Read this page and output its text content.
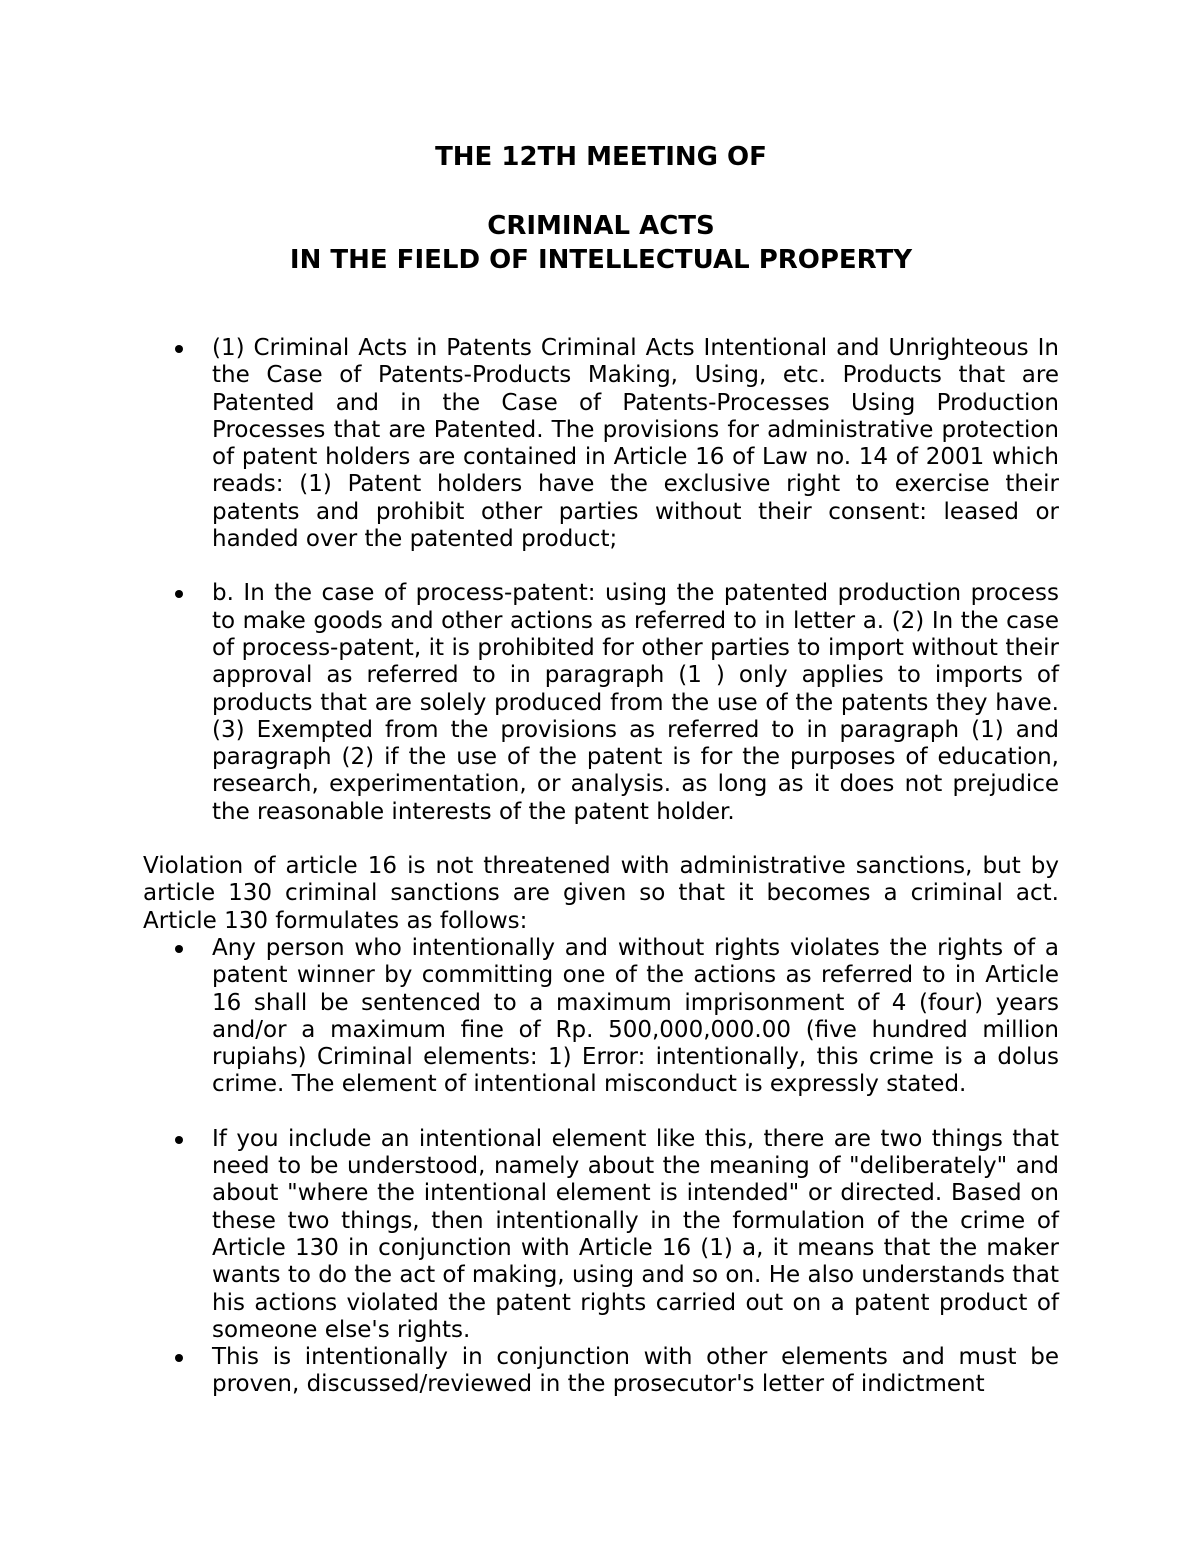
THE 12TH MEETING OF
CRIMINAL ACTS
IN THE FIELD OF INTELLECTUAL PROPERTY
(1) Criminal Acts in Patents Criminal Acts Intentional and Unrighteous In the Case of Patents-Products Making, Using, etc. Products that are Patented and in the Case of Patents-Processes Using Production Processes that are Patented. The provisions for administrative protection of patent holders are contained in Article 16 of Law no. 14 of 2001 which reads: (1) Patent holders have the exclusive right to exercise their patents and prohibit other parties without their consent: leased or handed over the patented product;
b. In the case of process-patent: using the patented production process to make goods and other actions as referred to in letter a. (2) In the case of process-patent, it is prohibited for other parties to import without their approval as referred to in paragraph (1 ) only applies to imports of products that are solely produced from the use of the patents they have. (3) Exempted from the provisions as referred to in paragraph (1) and paragraph (2) if the use of the patent is for the purposes of education, research, experimentation, or analysis. as long as it does not prejudice the reasonable interests of the patent holder.

Violation of article 16 is not threatened with administrative sanctions, but by article 130 criminal sanctions are given so that it becomes a criminal act. Article 130 formulates as follows:

Any person who intentionally and without rights violates the rights of a patent winner by committing one of the actions as referred to in Article 16 shall be sentenced to a maximum imprisonment of 4 (four) years and/or a maximum fine of Rp. 500,000,000.00 (five hundred million rupiahs) Criminal elements: 1) Error: intentionally, this crime is a dolus crime. The element of intentional misconduct is expressly stated.
If you include an intentional element like this, there are two things that need to be understood, namely about the meaning of "deliberately" and about "where the intentional element is intended" or directed. Based on these two things, then intentionally in the formulation of the crime of Article 130 in conjunction with Article 16 (1) a, it means that the maker wants to do the act of making, using and so on. He also understands that his actions violated the patent rights carried out on a patent product of someone else's rights.
This is intentionally in conjunction with other elements and must be proven, discussed/reviewed in the prosecutor's letter of indictment
